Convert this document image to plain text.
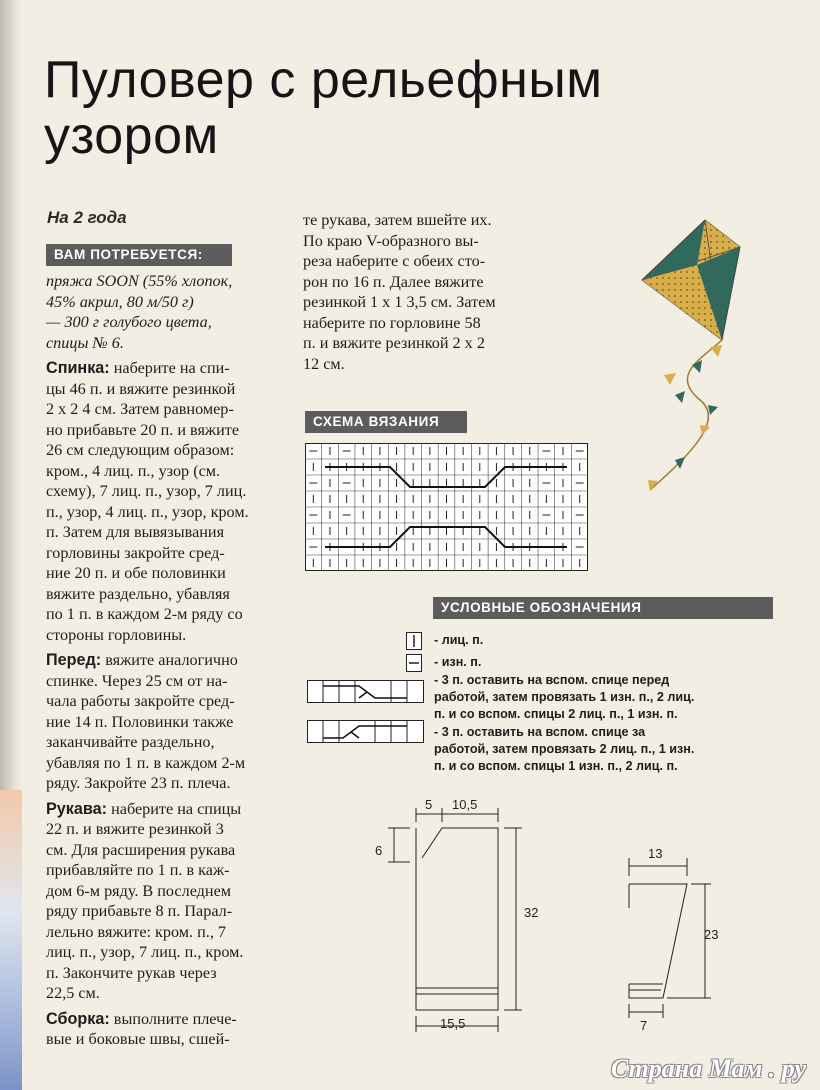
Пуловер с рельефным
узором
На 2 года
ВАМ ПОТРЕБУЕТСЯ:

пряжа SOON (55% хлопок,
45% акрил, 80 м/50 г)
— 300 г голубого цвета,
спицы № 6.

Спинка: наберите на спи-
цы 46 п. и вяжите резинкой
2 х 2 4 см. Затем равномер-
но прибавьте 20 п. и вяжите
26 см следующим образом:
кром., 4 лиц. п., узор (см.
схему), 7 лиц. п., узор, 7 лиц.
п., узор, 4 лиц. п., узор, кром.
п. Затем для вывязывания
горловины закройте сред-
ние 20 п. и обе половинки
вяжите раздельно, убавляя
по 1 п. в каждом 2-м ряду со
стороны горловины.

Перед: вяжите аналогично
спинке. Через 25 см от на-
чала работы закройте сред-
ние 14 п. Половинки также
заканчивайте раздельно,
убавляя по 1 п. в каждом 2-м
ряду. Закройте 23 п. плеча.

Рукава: наберите на спицы
22 п. и вяжите резинкой 3
см. Для расширения рукава
прибавляйте по 1 п. в каж-
дом 6-м ряду. В последнем
ряду прибавьте 8 п. Парал-
лельно вяжите: кром. п., 7
лиц. п., узор, 7 лиц. п., кром.
п. Закончите рукав через
22,5 см.

Сборка: выполните плече-
вые и боковые швы, сшей-

те рукава, затем вшейте их.
По краю V-образного вы-
реза наберите с обеих сто-
рон по 16 п. Далее вяжите
резинкой 1 х 1 3,5 см. Затем
наберите по горловине 58
п. и вяжите резинкой 2 х 2
12 см.

СХЕМА ВЯЗАНИЯ
УСЛОВНЫЕ ОБОЗНАЧЕНИЯ
- лиц. п.
- изн. п.
- 3 п. оставить на вспом. спице перед
работой, затем провязать 1 изн. п., 2 лиц.
п. и со вспом. спицы 2 лиц. п., 1 изн. п.
- 3 п. оставить на вспом. спице за
работой, затем провязать 2 лиц. п., 1 изн.
п. и со вспом. спицы 1 изн. п., 2 лиц. п.
5 10,5
6
32
15,5
13
23
7
Страна Мам . ру
